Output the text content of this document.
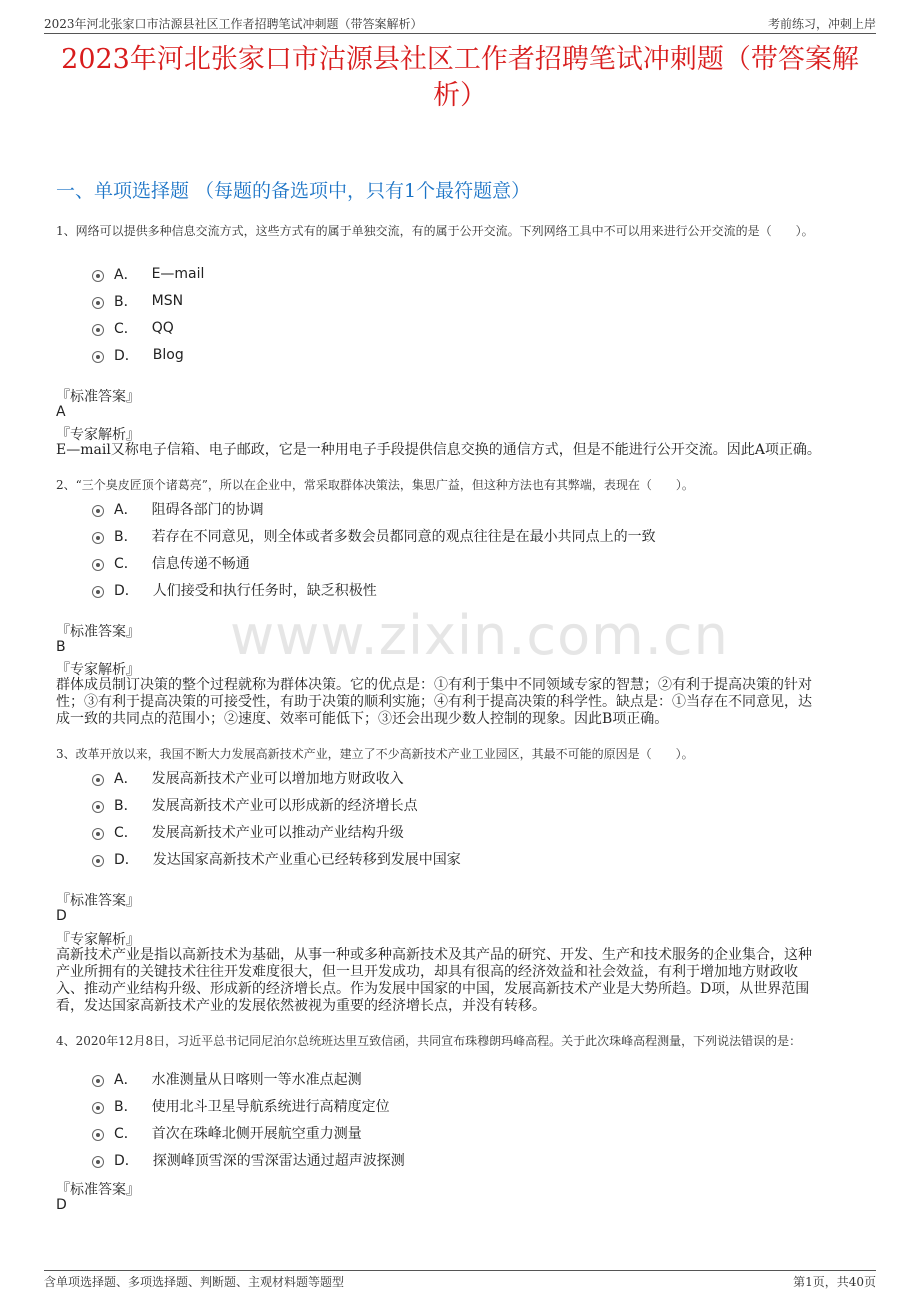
2023年河北张家口市沽源县社区工作者招聘笔试冲刺题（带答案解析）	考前练习，冲刺上岸
2023年河北张家口市沽源县社区工作者招聘笔试冲刺题（带答案解析）
一、单项选择题 （每题的备选项中，只有1个最符题意）
www.zixin.com.cn
1、网络可以提供多种信息交流方式，这些方式有的属于单独交流，有的属于公开交流。下列网络工具中不可以用来进行公开交流的是（　　）。
A． E—mail
B． MSN
C． QQ
D． Blog
『标准答案』
A
『专家解析』
E—mail又称电子信箱、电子邮政，它是一种用电子手段提供信息交换的通信方式，但是不能进行公开交流。因此A项正确。
2、“三个臭皮匠顶个诸葛亮”，所以在企业中，常采取群体决策法，集思广益，但这种方法也有其弊端，表现在（　　）。
A． 阻碍各部门的协调
B． 若存在不同意见，则全体或者多数会员都同意的观点往往是在最小共同点上的一致
C． 信息传递不畅通
D． 人们接受和执行任务时，缺乏积极性
『标准答案』
B
『专家解析』
群体成员制订决策的整个过程就称为群体决策。它的优点是：①有利于集中不同领域专家的智慧；②有利于提高决策的针对
性；③有利于提高决策的可接受性，有助于决策的顺利实施；④有利于提高决策的科学性。缺点是：①当存在不同意见，达
成一致的共同点的范围小；②速度、效率可能低下；③还会出现少数人控制的现象。因此B项正确。
3、改革开放以来，我国不断大力发展高新技术产业，建立了不少高新技术产业工业园区，其最不可能的原因是（　　）。
A． 发展高新技术产业可以增加地方财政收入
B． 发展高新技术产业可以形成新的经济增长点
C． 发展高新技术产业可以推动产业结构升级
D． 发达国家高新技术产业重心已经转移到发展中国家
『标准答案』
D
『专家解析』
高新技术产业是指以高新技术为基础，从事一种或多种高新技术及其产品的研究、开发、生产和技术服务的企业集合，这种
产业所拥有的关键技术往往开发难度很大，但一旦开发成功，却具有很高的经济效益和社会效益，有利于增加地方财政收
入、推动产业结构升级、形成新的经济增长点。作为发展中国家的中国，发展高新技术产业是大势所趋。D项，从世界范围
看，发达国家高新技术产业的发展依然被视为重要的经济增长点，并没有转移。
4、2020年12月8日，习近平总书记同尼泊尔总统班达里互致信函，共同宣布珠穆朗玛峰高程。关于此次珠峰高程测量，下列说法错误的是：
A． 水准测量从日喀则一等水准点起测
B． 使用北斗卫星导航系统进行高精度定位
C． 首次在珠峰北侧开展航空重力测量
D． 探测峰顶雪深的雪深雷达通过超声波探测
『标准答案』
D
含单项选择题、多项选择题、判断题、主观材料题等题型	第1页，共40页
